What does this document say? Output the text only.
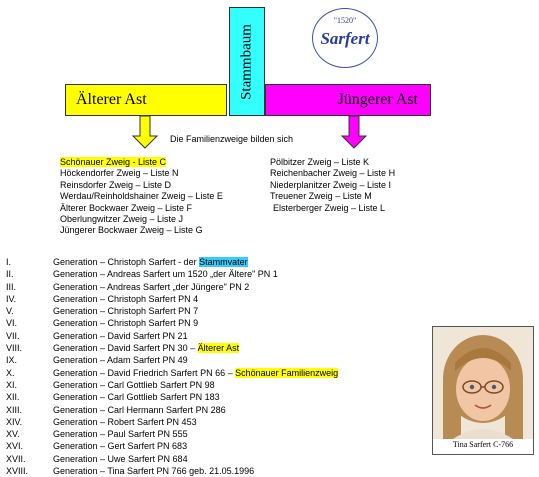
Älterer Ast	Jüngerer Ast
Stammbaum
"1520"
Sarfert
Die Familienzweige bilden sich
Schönauer Zweig - Liste C
Höckendorfer Zweig – Liste N
Reinsdorfer Zweig – Liste D
Werdau/Reinholdshainer Zweig – Liste E
Älterer Bockwaer Zweig – Liste F
Oberlungwitzer Zweig – Liste J
Jüngerer Bockwaer Zweig – Liste G
Pölbitzer Zweig – Liste K
Reichenbacher Zweig – Liste H
Niederplanitzer Zweig – Liste I
Treuener Zweig – Liste M
Elsterberger Zweig – Liste L
I.	Generation – Christoph Sarfert - der Stammvater
II.	Generation – Andreas Sarfert um 1520 „der Ältere" PN 1
III.	Generation – Andreas Sarfert „der Jüngere" PN 2
IV.	Generation – Christoph Sarfert PN 4
V.	Generation – Christoph Sarfert PN 7
VI.	Generation – Christoph Sarfert PN 9
VII.	Generation – David Sarfert PN 21
VIII.	Generation – David Sarfert PN 30 – Älterer Ast
IX.	Generation – Adam Sarfert PN 49
X.	Generation – David Friedrich Sarfert PN 66 – Schönauer Familienzweig
XI.	Generation – Carl Gottlieb Sarfert PN 98
XII.	Generation – Carl Gottlieb Sarfert PN 183
XIII.	Generation – Carl Hermann Sarfert PN 286
XIV.	Generation – Robert Sarfert PN 453
XV.	Generation – Paul Sarfert PN 555
XVI.	Generation – Gert Sarfert PN 683
XVII.	Generation – Uwe Sarfert PN 684
XVIII.	Generation – Tina Sarfert PN 766 geb. 21.05.1996
Tina Sarfert C-766
